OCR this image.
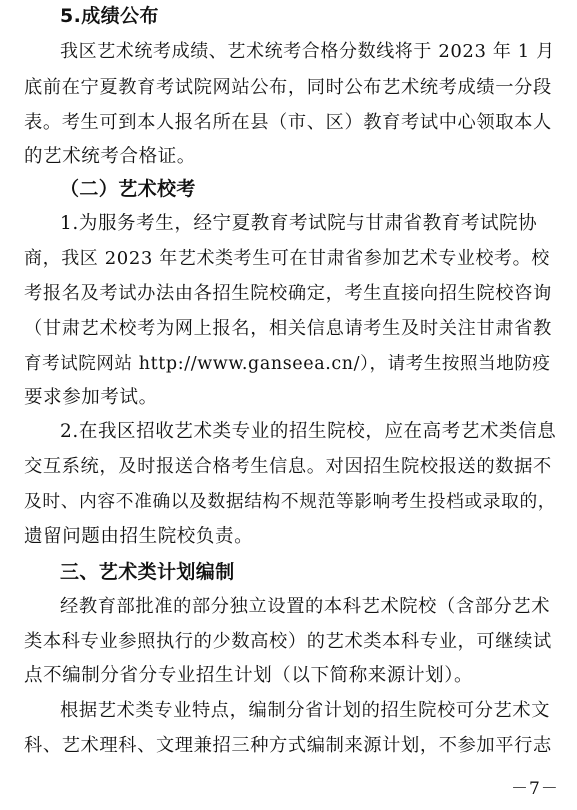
5.成绩公布
我区艺术统考成绩、艺术统考合格分数线将于 2023 年 1 月
底前在宁夏教育考试院网站公布，同时公布艺术统考成绩一分段
表。考生可到本人报名所在县（市、区）教育考试中心领取本人
的艺术统考合格证。
（二）艺术校考
1.为服务考生，经宁夏教育考试院与甘肃省教育考试院协
商，我区 2023 年艺术类考生可在甘肃省参加艺术专业校考。校
考报名及考试办法由各招生院校确定，考生直接向招生院校咨询
（甘肃艺术校考为网上报名，相关信息请考生及时关注甘肃省教
育考试院网站 http://www.ganseea.cn/），请考生按照当地防疫
要求参加考试。
2.在我区招收艺术类专业的招生院校，应在高考艺术类信息
交互系统，及时报送合格考生信息。对因招生院校报送的数据不
及时、内容不准确以及数据结构不规范等影响考生投档或录取的，
遗留问题由招生院校负责。
三、艺术类计划编制
经教育部批准的部分独立设置的本科艺术院校（含部分艺术
类本科专业参照执行的少数高校）的艺术类本科专业，可继续试
点不编制分省分专业招生计划（以下简称来源计划）。
根据艺术类专业特点，编制分省计划的招生院校可分艺术文
科、艺术理科、文理兼招三种方式编制来源计划，不参加平行志
－7－
